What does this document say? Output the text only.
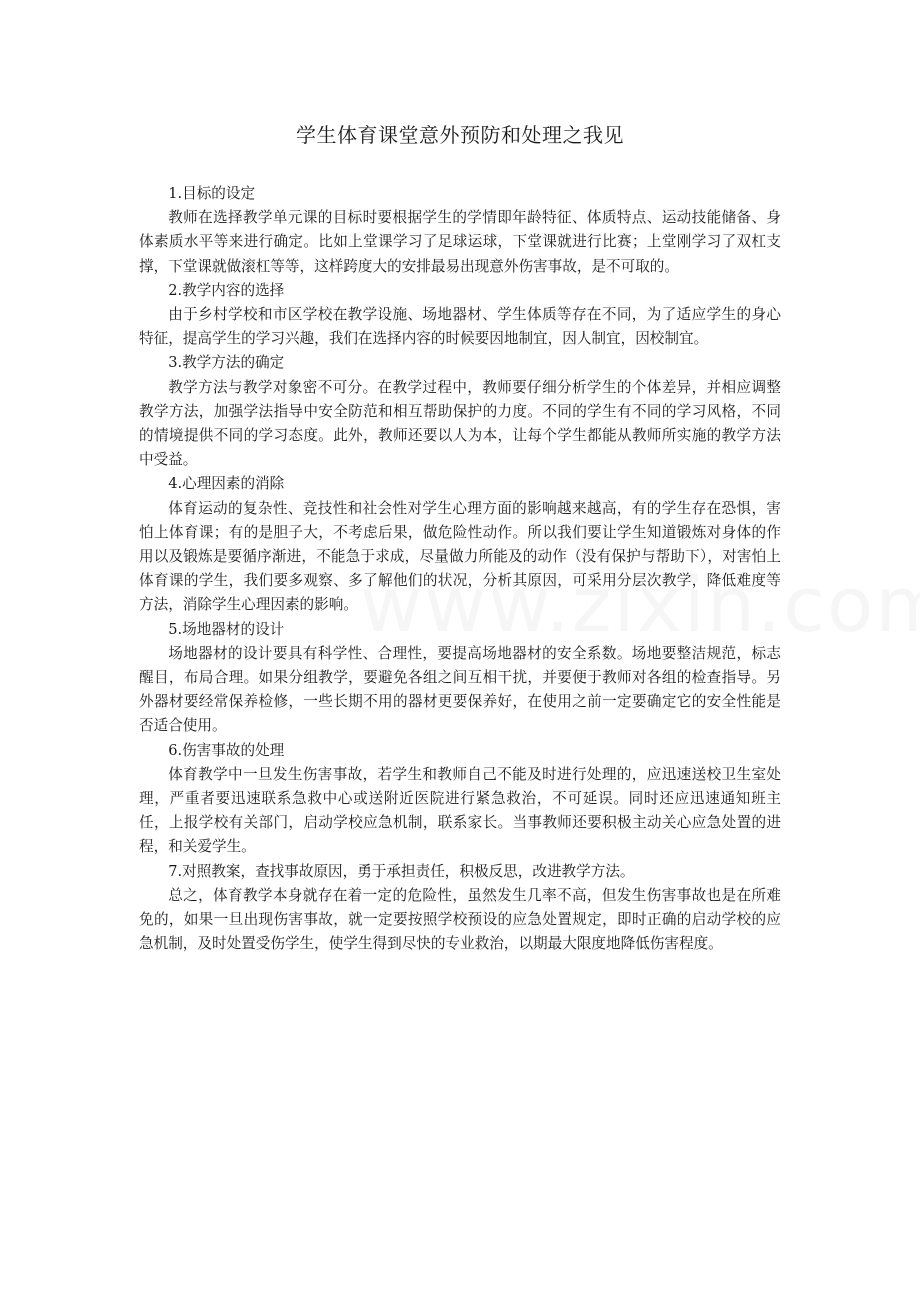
学生体育课堂意外预防和处理之我见

1.目标的设定

教师在选择教学单元课的目标时要根据学生的学情即年龄特征、体质特点、运动技能储备、身体素质水平等来进行确定。比如上堂课学习了足球运球，下堂课就进行比赛；上堂刚学习了双杠支撑，下堂课就做滚杠等等，这样跨度大的安排最易出现意外伤害事故，是不可取的。

2.教学内容的选择

由于乡村学校和市区学校在教学设施、场地器材、学生体质等存在不同，为了适应学生的身心特征，提高学生的学习兴趣，我们在选择内容的时候要因地制宜，因人制宜，因校制宜。

3.教学方法的确定

教学方法与教学对象密不可分。在教学过程中，教师要仔细分析学生的个体差异，并相应调整教学方法，加强学法指导中安全防范和相互帮助保护的力度。不同的学生有不同的学习风格，不同的情境提供不同的学习态度。此外，教师还要以人为本，让每个学生都能从教师所实施的教学方法中受益。

4.心理因素的消除

体育运动的复杂性、竞技性和社会性对学生心理方面的影响越来越高，有的学生存在恐惧，害怕上体育课；有的是胆子大，不考虑后果，做危险性动作。所以我们要让学生知道锻炼对身体的作用以及锻炼是要循序渐进，不能急于求成，尽量做力所能及的动作（没有保护与帮助下），对害怕上体育课的学生，我们要多观察、多了解他们的状况，分析其原因，可采用分层次教学，降低难度等方法，消除学生心理因素的影响。

5.场地器材的设计

场地器材的设计要具有科学性、合理性，要提高场地器材的安全系数。场地要整洁规范，标志醒目，布局合理。如果分组教学，要避免各组之间互相干扰，并要便于教师对各组的检查指导。另外器材要经常保养检修，一些长期不用的器材更要保养好，在使用之前一定要确定它的安全性能是否适合使用。

6.伤害事故的处理

体育教学中一旦发生伤害事故，若学生和教师自己不能及时进行处理的，应迅速送校卫生室处理，严重者要迅速联系急救中心或送附近医院进行紧急救治，不可延误。同时还应迅速通知班主任，上报学校有关部门，启动学校应急机制，联系家长。当事教师还要积极主动关心应急处置的进程，和关爱学生。

7.对照教案，查找事故原因，勇于承担责任，积极反思，改进教学方法。

总之，体育教学本身就存在着一定的危险性，虽然发生几率不高，但发生伤害事故也是在所难免的，如果一旦出现伤害事故，就一定要按照学校预设的应急处置规定，即时正确的启动学校的应急机制，及时处置受伤学生，使学生得到尽快的专业救治，以期最大限度地降低伤害程度。
